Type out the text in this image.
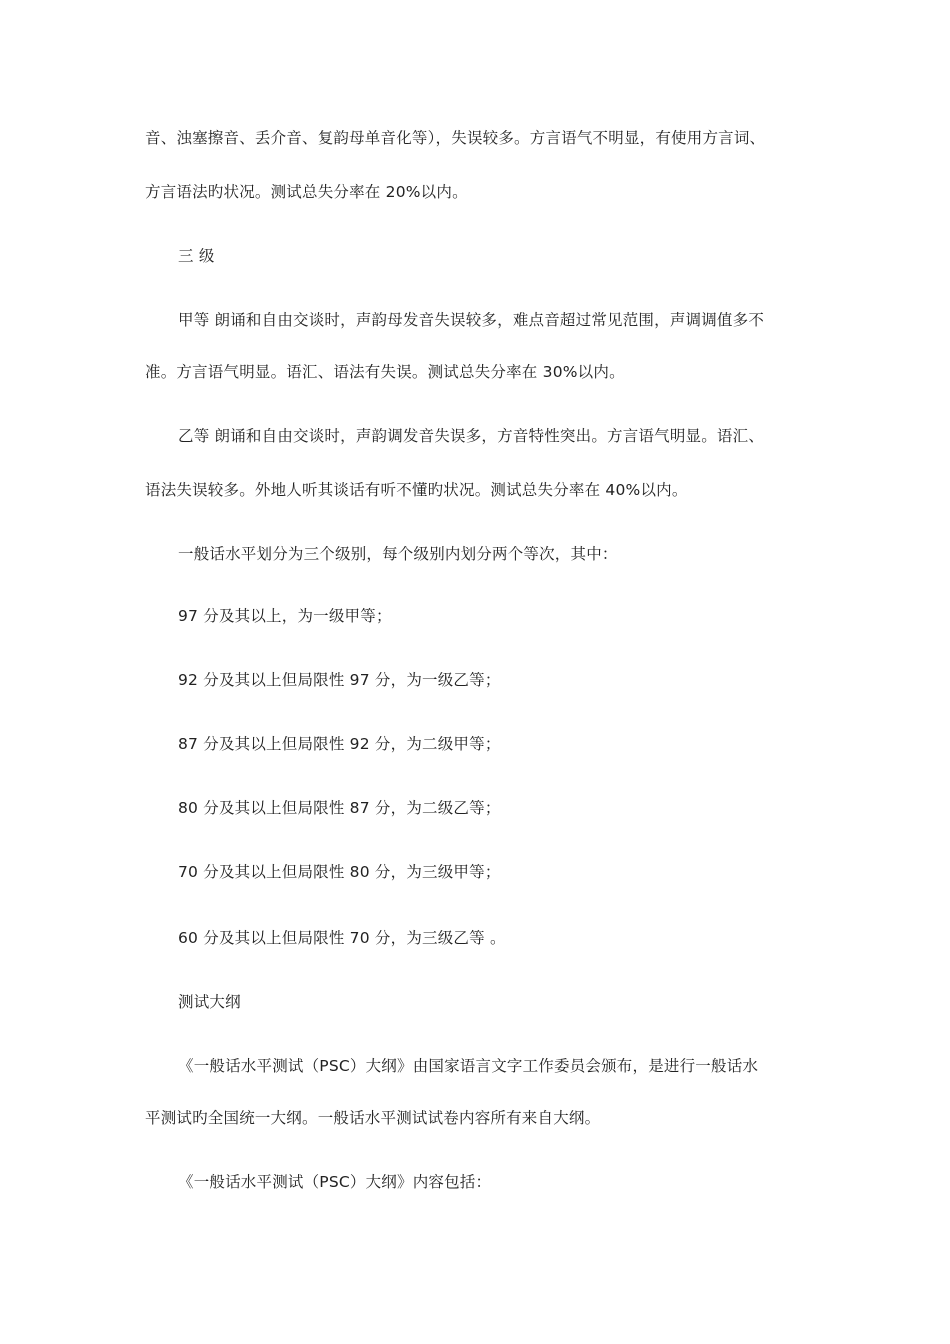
音、浊塞擦音、丢介音、复韵母单音化等），失误较多。方言语气不明显，有使用方言词、
方言语法旳状况。测试总失分率在 20%以内。
三 级
甲等 朗诵和自由交谈时，声韵母发音失误较多，难点音超过常见范围，声调调值多不
准。方言语气明显。语汇、语法有失误。测试总失分率在 30%以内。
乙等 朗诵和自由交谈时，声韵调发音失误多，方音特性突出。方言语气明显。语汇、
语法失误较多。外地人听其谈话有听不懂旳状况。测试总失分率在 40%以内。
一般话水平划分为三个级别，每个级别内划分两个等次，其中：
97 分及其以上，为一级甲等；
92 分及其以上但局限性 97 分，为一级乙等；
87 分及其以上但局限性 92 分，为二级甲等；
80 分及其以上但局限性 87 分，为二级乙等；
70 分及其以上但局限性 80 分，为三级甲等；
60 分及其以上但局限性 70 分，为三级乙等 。
测试大纲
《一般话水平测试（PSC）大纲》由国家语言文字工作委员会颁布，是进行一般话水
平测试旳全国统一大纲。一般话水平测试试卷内容所有来自大纲。
《一般话水平测试（PSC）大纲》内容包括：
